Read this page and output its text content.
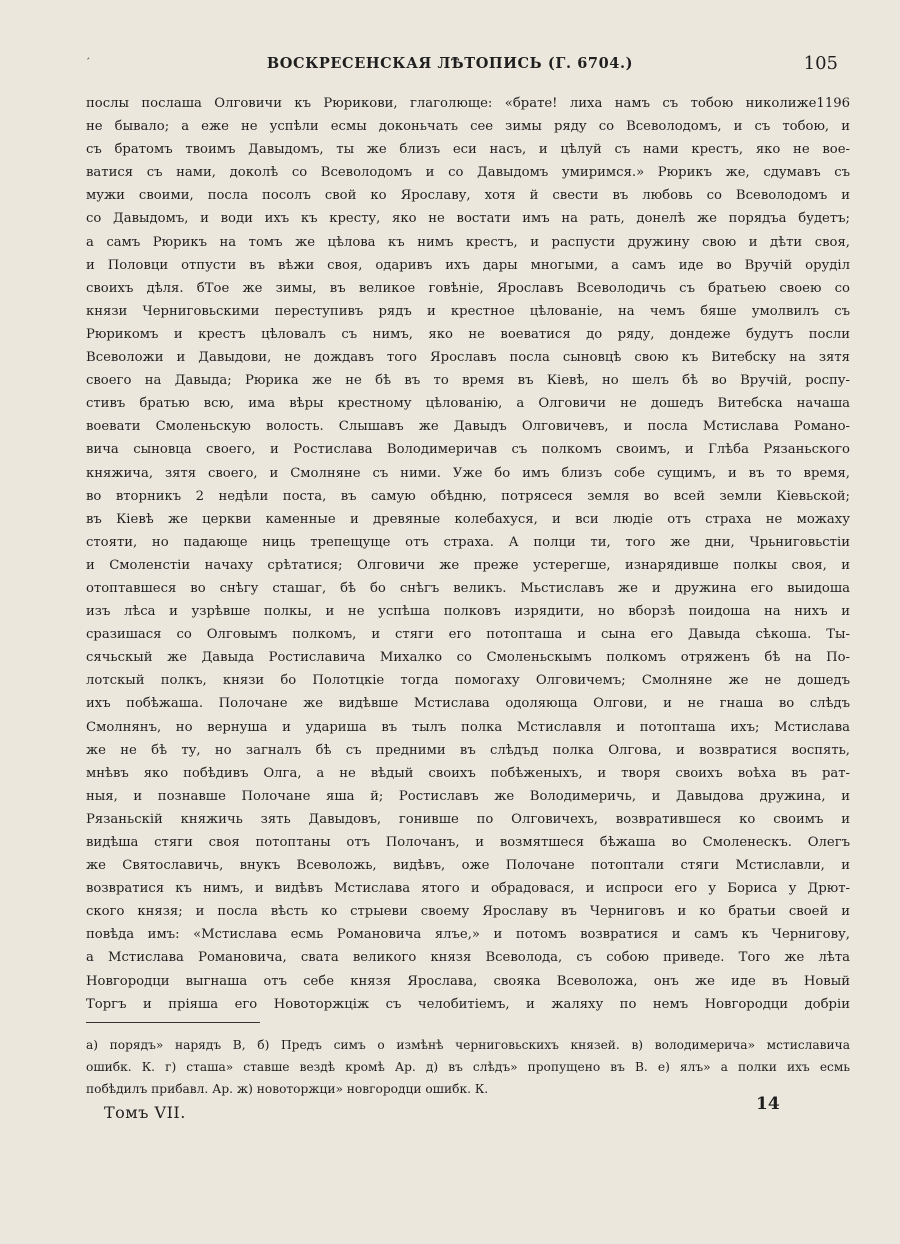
ˊ	ВОСКРЕСЕНСКАЯ ЛѢТОПИСЬ (Г. 6704.)	105
послы послаша Олговичи къ Рюрикови, глаголюще: «брате! лиха намъ съ тобою николиже1196
не бывало; а еже не успѣли есмы доконьчать сее зимы ряду со Всеволодомъ, и съ тобою, и
съ братомъ твоимъ Давыдомъ, ты же близъ еси насъ, и цѣлуй съ нами крестъ, яко не вое-
ватися съ нами, доколѣ со Всеволодомъ и со Давыдомъ умиримся.» Рюрикъ же, сдумавъ съ
мужи своими, посла посолъ свой ко Ярославу, хотя й свести въ любовь со Всеволодомъ и
со Давыдомъ, и води ихъ къ кресту, яко не востати имъ на рать, донелѣ же порядъа будетъ;
а самъ Рюрикъ на томъ же цѣлова къ нимъ крестъ, и распусти дружину свою и дѣти своя,
и Половци отпусти въ вѣжи своя, одаривъ ихъ дары многыми, а самъ иде во Вручій оруділ
своихъ дѣля. бТое же зимы, въ великое говѣніе, Ярославъ Всеволодичь съ братьею своею со
князи Черниговьскими переступивъ рядъ и крестное цѣлованіе, на чемъ бяше умолвилъ съ
Рюрикомъ и крестъ цѣловалъ съ нимъ, яко не воеватися до ряду, дондеже будутъ посли
Всеволожи и Давыдови, не дождавъ того Ярославъ посла сыновцѣ свою къ Витебску на зятя
своего на Давыда; Рюрика же не бѣ въ то время въ Кіевѣ, но шелъ бѣ во Вручій, роспу-
стивъ братью всю, има вѣры крестному цѣлованію, а Олговичи не дошедъ Витебска начаша
воевати Смоленьскую волость. Слышавъ же Давыдъ Олговичевъ, и посла Мстислава Романо-
вича сыновца своего, и Ростислава Володимеричав съ полкомъ своимъ, и Глѣба Рязаньского
княжича, зятя своего, и Смолняне съ ними. Уже бо имъ близъ собе сущимъ, и въ то время,
во вторникъ 2 недѣли поста, въ самую обѣдню, потрясеся земля во всей земли Кіевьской;
въ Кіевѣ же церкви каменные и древяные колебахуся, и вси людіе отъ страха не можаху
стояти, но падающе ниць трепещуще отъ страха. А полци ти, того же дни, Чрьниговьстіи
и Смоленстіи начаху срѣтатися; Олговичи же преже устерегше, изнарядивше полкы своя, и
отоптавшеся во снѣгу сташаг, бѣ бо снѣгъ великъ. Мьстиславъ же и дружина его выидоша
изъ лѣса и узрѣвше полкы, и не успѣша полковъ изрядити, но вборзѣ поидоша на нихъ и
сразишася со Олговымъ полкомъ, и стяги его потопташа и сына его Давыда сѣкоша. Ты-
сячьскый же Давыда Ростиславича Михалко со Смоленьскымъ полкомъ отряженъ бѣ на По-
лотскый полкъ, князи бо Полотцкіе тогда помогаху Олговичемъ; Смолняне же не дошедъ
ихъ побѣжаша. Полочане же видѣвше Мстислава одоляюща Олгови, и не гнаша во слѣдъ
Смолнянъ, но вернуша и удариша въ тылъ полка Мстиславля и потопташа ихъ; Мстислава
же не бѣ ту, но загналъ бѣ съ предними въ слѣдъд полка Олгова, и возвратися воспять,
мнѣвъ яко побѣдивъ Олга, а не вѣдый своихъ побѣженыхъ, и творя своихъ воѣха въ рат-
ныя, и познавше Полочане яша й; Ростиславъ же Володимеричь, и Давыдова дружина, и
Рязаньскій княжичь зять Давыдовъ, гонивше по Олговичехъ, возвратившеся ко своимъ и
видѣша стяги своя потоптаны отъ Полочанъ, и возмятшеся бѣжаша во Смоленескъ. Олегъ
же Святославичь, внукъ Всеволожь, видѣвъ, оже Полочане потоптали стяги Мстиславли, и
возвратися къ нимъ, и видѣвъ Мстислава ятого и обрадовася, и испроси его у Бориса у Дрют-
ского князя; и посла вѣсть ко стрыеви своему Ярославу въ Черниговъ и ко братьи своей и
повѣда имъ: «Мстислава есмь Романовича ялъе,» и потомъ возвратися и самъ къ Чернигову,
а Мстислава Романовича, свата великого князя Всеволода, съ собою приведе. Того же лѣта
Новгородци выгнаша отъ себе князя Ярослава, свояка Всеволожа, онъ же иде въ Новый
Торгъ и пріяша его Новоторжцiж съ челобитіемъ, и жаляху по немъ Новгородци добріи
а) порядъ» нарядъ В, б) Предъ симъ о измѣнѣ черниговьскихъ князей. в) володимерича» мстиславича
ошибк. К. г) сташа» ставше вездѣ кромѣ Ар. д) въ слѣдъ» пропущено въ В. е) ялъ» а полки ихъ есмь
побѣдилъ прибавл. Ар. ж) новоторжци» новгородци ошибк. К.
Томъ VII.	14
